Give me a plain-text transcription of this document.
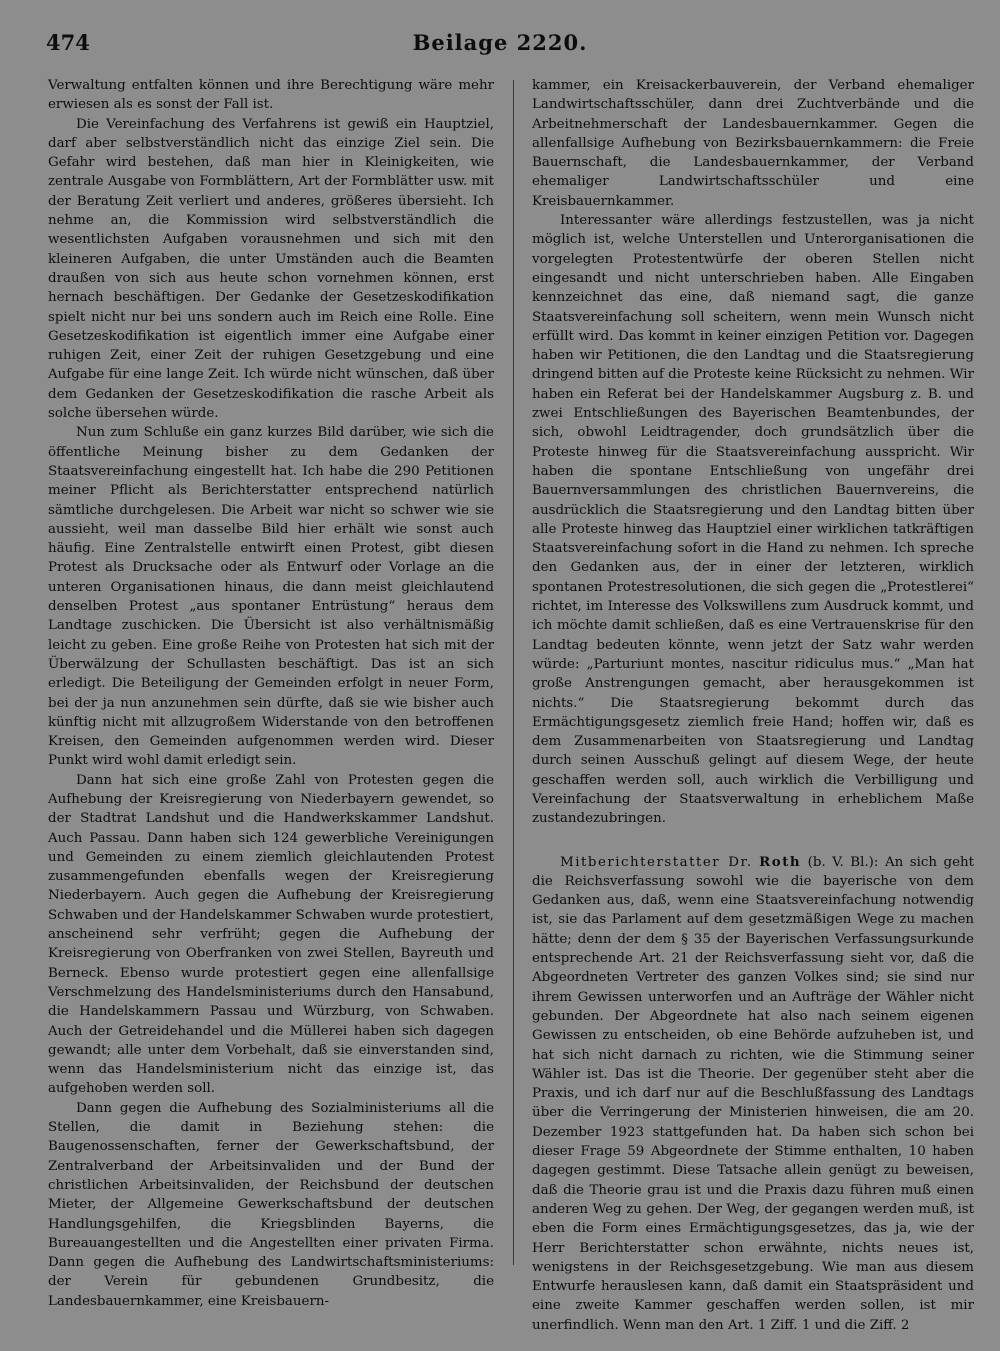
474	Beilage 2220.

Verwaltung entfalten können und ihre Berechtigung wäre mehr erwiesen als es sonst der Fall ist.

Die Vereinfachung des Verfahrens ist gewiß ein Hauptziel, darf aber selbstverständlich nicht das einzige Ziel sein. Die Gefahr wird bestehen, daß man hier in Kleinigkeiten, wie zentrale Ausgabe von Formblättern, Art der Formblätter usw. mit der Beratung Zeit verliert und anderes, größeres übersieht. Ich nehme an, die Kommission wird selbstverständlich die wesentlichsten Aufgaben vorausnehmen und sich mit den kleineren Aufgaben, die unter Umständen auch die Beamten draußen von sich aus heute schon vornehmen können, erst hernach beschäftigen. Der Gedanke der Gesetzeskodifikation spielt nicht nur bei uns sondern auch im Reich eine Rolle. Eine Gesetzeskodifikation ist eigentlich immer eine Aufgabe einer ruhigen Zeit, einer Zeit der ruhigen Gesetzgebung und eine Aufgabe für eine lange Zeit. Ich würde nicht wünschen, daß über dem Gedanken der Gesetzeskodifikation die rasche Arbeit als solche übersehen würde.

Nun zum Schluße ein ganz kurzes Bild darüber, wie sich die öffentliche Meinung bisher zu dem Gedanken der Staatsvereinfachung eingestellt hat. Ich habe die 290 Petitionen meiner Pflicht als Berichterstatter entsprechend natürlich sämtliche durchgelesen. Die Arbeit war nicht so schwer wie sie aussieht, weil man dasselbe Bild hier erhält wie sonst auch häufig. Eine Zentralstelle entwirft einen Protest, gibt diesen Protest als Drucksache oder als Entwurf oder Vorlage an die unteren Organisationen hinaus, die dann meist gleichlautend denselben Protest „aus spontaner Entrüstung“ heraus dem Landtage zuschicken. Die Übersicht ist also verhältnismäßig leicht zu geben. Eine große Reihe von Protesten hat sich mit der Überwälzung der Schullasten beschäftigt. Das ist an sich erledigt. Die Beteiligung der Gemeinden erfolgt in neuer Form, bei der ja nun anzunehmen sein dürfte, daß sie wie bisher auch künftig nicht mit allzugroßem Widerstande von den betroffenen Kreisen, den Gemeinden aufgenommen werden wird. Dieser Punkt wird wohl damit erledigt sein.

Dann hat sich eine große Zahl von Protesten gegen die Aufhebung der Kreisregierung von Niederbayern gewendet, so der Stadtrat Landshut und die Handwerkskammer Landshut. Auch Passau. Dann haben sich 124 gewerbliche Vereinigungen und Gemeinden zu einem ziemlich gleichlautenden Protest zusammengefunden ebenfalls wegen der Kreisregierung Niederbayern. Auch gegen die Aufhebung der Kreisregierung Schwaben und der Handelskammer Schwaben wurde protestiert, anscheinend sehr verfrüht; gegen die Aufhebung der Kreisregierung von Oberfranken von zwei Stellen, Bayreuth und Berneck. Ebenso wurde protestiert gegen eine allenfallsige Verschmelzung des Handelsministeriums durch den Hansabund, die Handelskammern Passau und Würzburg, von Schwaben. Auch der Getreidehandel und die Müllerei haben sich dagegen gewandt; alle unter dem Vorbehalt, daß sie einverstanden sind, wenn das Handelsministerium nicht das einzige ist, das aufgehoben werden soll.

Dann gegen die Aufhebung des Sozialministeriums all die Stellen, die damit in Beziehung stehen: die Baugenossenschaften, ferner der Gewerkschaftsbund, der Zentralverband der Arbeitsinvaliden und der Bund der christlichen Arbeitsinvaliden, der Reichsbund der deutschen Mieter, der Allgemeine Gewerkschaftsbund der deutschen Handlungsgehilfen, die Kriegsblinden Bayerns, die Bureauangestellten und die Angestellten einer privaten Firma. Dann gegen die Aufhebung des Landwirtschaftsministeriums: der Verein für gebundenen Grundbesitz, die Landesbauernkammer, eine Kreisbauern-

kammer, ein Kreisackerbauverein, der Verband ehemaliger Landwirtschaftsschüler, dann drei Zuchtverbände und die Arbeitnehmerschaft der Landesbauernkammer. Gegen die allenfallsige Aufhebung von Bezirksbauernkammern: die Freie Bauernschaft, die Landesbauernkammer, der Verband ehemaliger Landwirtschaftsschüler und eine Kreisbauernkammer.

Interessanter wäre allerdings festzustellen, was ja nicht möglich ist, welche Unterstellen und Unterorganisationen die vorgelegten Protestentwürfe der oberen Stellen nicht eingesandt und nicht unterschrieben haben. Alle Eingaben kennzeichnet das eine, daß niemand sagt, die ganze Staatsvereinfachung soll scheitern, wenn mein Wunsch nicht erfüllt wird. Das kommt in keiner einzigen Petition vor. Dagegen haben wir Petitionen, die den Landtag und die Staatsregierung dringend bitten auf die Proteste keine Rücksicht zu nehmen. Wir haben ein Referat bei der Handelskammer Augsburg z. B. und zwei Entschließungen des Bayerischen Beamtenbundes, der sich, obwohl Leidtragender, doch grundsätzlich über die Proteste hinweg für die Staatsvereinfachung ausspricht. Wir haben die spontane Entschließung von ungefähr drei Bauernversammlungen des christlichen Bauernvereins, die ausdrücklich die Staatsregierung und den Landtag bitten über alle Proteste hinweg das Hauptziel einer wirklichen tatkräftigen Staatsvereinfachung sofort in die Hand zu nehmen. Ich spreche den Gedanken aus, der in einer der letzteren, wirklich spontanen Protestresolutionen, die sich gegen die „Protestlerei“ richtet, im Interesse des Volkswillens zum Ausdruck kommt, und ich möchte damit schließen, daß es eine Vertrauenskrise für den Landtag bedeuten könnte, wenn jetzt der Satz wahr werden würde: „Parturiunt montes, nascitur ridiculus mus.“ „Man hat große Anstrengungen gemacht, aber herausgekommen ist nichts.“ Die Staatsregierung bekommt durch das Ermächtigungsgesetz ziemlich freie Hand; hoffen wir, daß es dem Zusammenarbeiten von Staatsregierung und Landtag durch seinen Ausschuß gelingt auf diesem Wege, der heute geschaffen werden soll, auch wirklich die Verbilligung und Vereinfachung der Staatsverwaltung in erheblichem Maße zustandezubringen.

Mitberichterstatter Dr. Roth (b. V. Bl.): An sich geht die Reichsverfassung sowohl wie die bayerische von dem Gedanken aus, daß, wenn eine Staatsvereinfachung notwendig ist, sie das Parlament auf dem gesetzmäßigen Wege zu machen hätte; denn der dem § 35 der Bayerischen Verfassungsurkunde entsprechende Art. 21 der Reichsverfassung sieht vor, daß die Abgeordneten Vertreter des ganzen Volkes sind; sie sind nur ihrem Gewissen unterworfen und an Aufträge der Wähler nicht gebunden. Der Abgeordnete hat also nach seinem eigenen Gewissen zu entscheiden, ob eine Behörde aufzuheben ist, und hat sich nicht darnach zu richten, wie die Stimmung seiner Wähler ist. Das ist die Theorie. Der gegenüber steht aber die Praxis, und ich darf nur auf die Beschlußfassung des Landtags über die Verringerung der Ministerien hinweisen, die am 20. Dezember 1923 stattgefunden hat. Da haben sich schon bei dieser Frage 59 Abgeordnete der Stimme enthalten, 10 haben dagegen gestimmt. Diese Tatsache allein genügt zu beweisen, daß die Theorie grau ist und die Praxis dazu führen muß einen anderen Weg zu gehen. Der Weg, der gegangen werden muß, ist eben die Form eines Ermächtigungsgesetzes, das ja, wie der Herr Berichterstatter schon erwähnte, nichts neues ist, wenigstens in der Reichsgesetzgebung. Wie man aus diesem Entwurfe herauslesen kann, daß damit ein Staatspräsident und eine zweite Kammer geschaffen werden sollen, ist mir unerfindlich. Wenn man den Art. 1 Ziff. 1 und die Ziff. 2
